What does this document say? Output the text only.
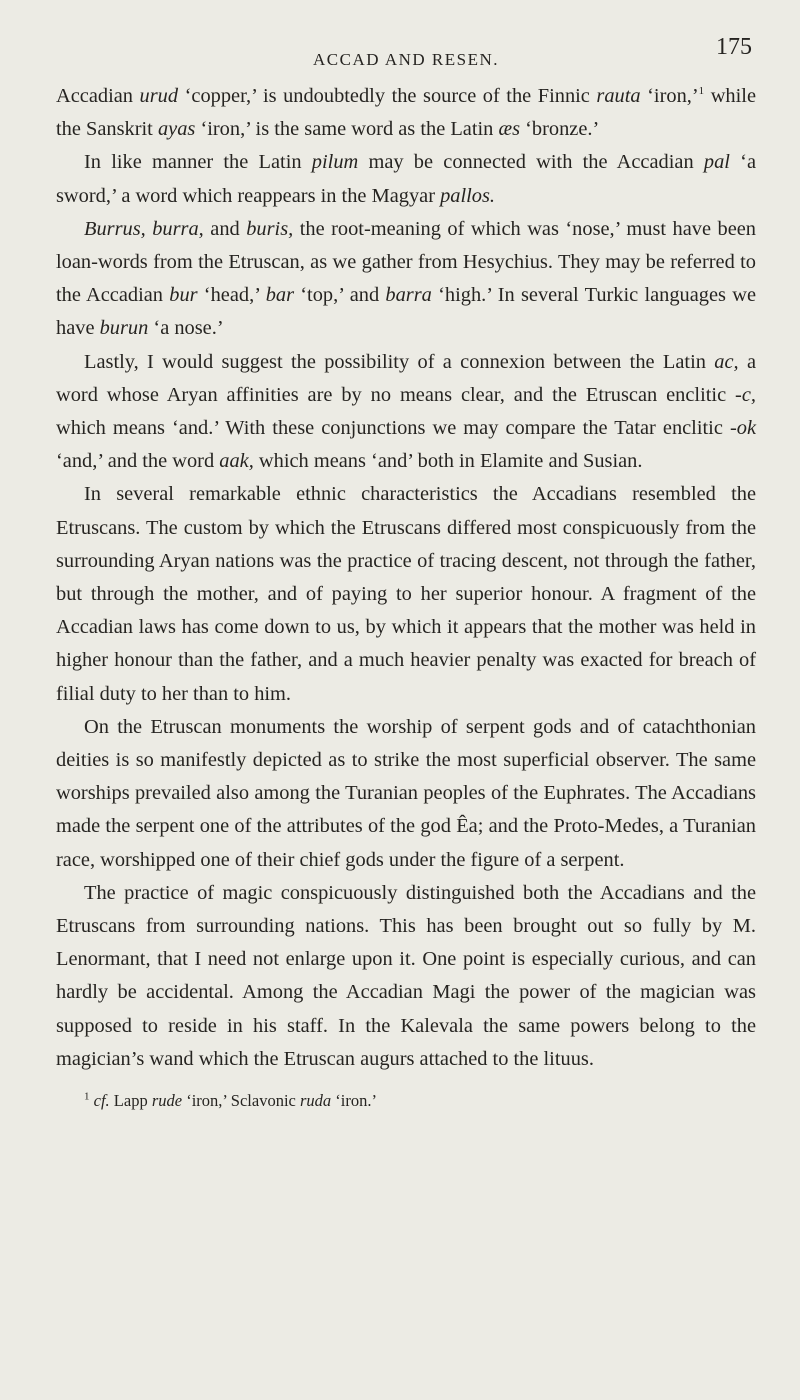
ACCAD AND RESEN.	175

Accadian urud ‘copper,’ is undoubtedly the source of the Finnic rauta ‘iron,’$^1$ while the Sanskrit ayas ‘iron,’ is the same word as the Latin æs ‘bronze.’

In like manner the Latin pilum may be connected with the Accadian pal ‘a sword,’ a word which reappears in the Magyar pallos.

Burrus, burra, and buris, the root-meaning of which was ‘nose,’ must have been loan-words from the Etruscan, as we gather from Hesychius. They may be referred to the Accadian bur ‘head,’ bar ‘top,’ and barra ‘high.’ In several Turkic languages we have burun ‘a nose.’

Lastly, I would suggest the possibility of a connexion between the Latin ac, a word whose Aryan affinities are by no means clear, and the Etruscan enclitic -c, which means ‘and.’ With these conjunctions we may compare the Tatar enclitic -ok ‘and,’ and the word aak, which means ‘and’ both in Elamite and Susian.

In several remarkable ethnic characteristics the Accadians resembled the Etruscans. The custom by which the Etruscans differed most conspicuously from the surrounding Aryan nations was the practice of tracing descent, not through the father, but through the mother, and of paying to her superior honour. A fragment of the Accadian laws has come down to us, by which it appears that the mother was held in higher honour than the father, and a much heavier penalty was exacted for breach of filial duty to her than to him.

On the Etruscan monuments the worship of serpent gods and of catachthonian deities is so manifestly depicted as to strike the most superficial observer. The same worships prevailed also among the Turanian peoples of the Euphrates. The Accadians made the serpent one of the attributes of the god Êa; and the Proto-Medes, a Turanian race, worshipped one of their chief gods under the figure of a serpent.

The practice of magic conspicuously distinguished both the Accadians and the Etruscans from surrounding nations. This has been brought out so fully by M. Lenormant, that I need not enlarge upon it. One point is especially curious, and can hardly be accidental. Among the Accadian Magi the power of the magician was supposed to reside in his staff. In the Kalevala the same powers belong to the magician’s wand which the Etruscan augurs attached to the lituus.

$^1$ cf. Lapp rude ‘iron,’ Sclavonic ruda ‘iron.’
